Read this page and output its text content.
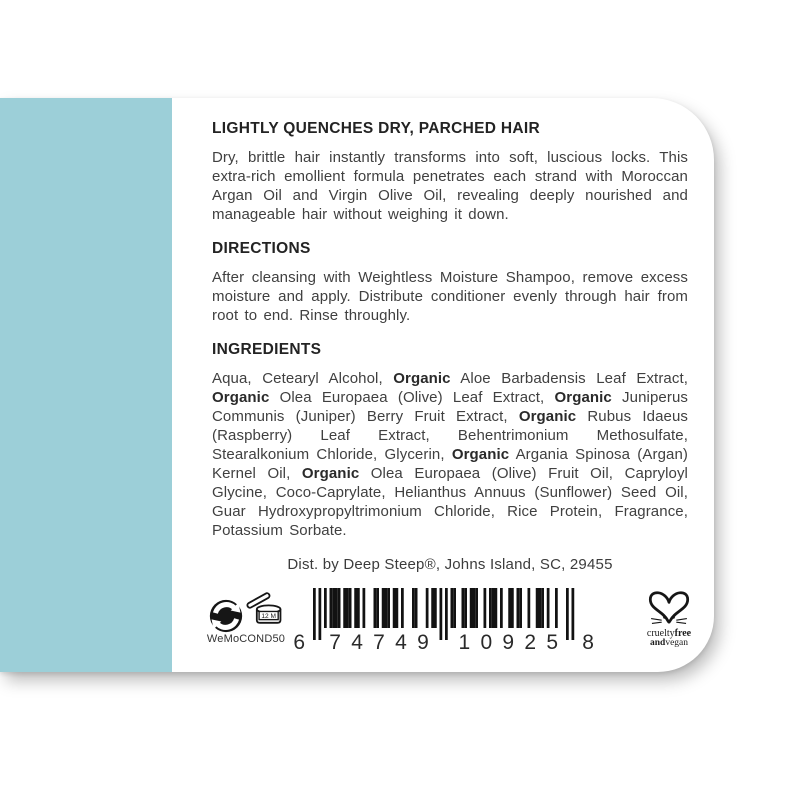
LIGHTLY QUENCHES DRY, PARCHED HAIR

Dry, brittle hair instantly transforms into soft, luscious locks. This extra-rich emollient formula penetrates each strand with Moroccan Argan Oil and Virgin Olive Oil, revealing deeply nourished and manageable hair without weighing it down.

DIRECTIONS

After cleansing with Weightless Moisture Shampoo, remove excess moisture and apply. Distribute conditioner evenly through hair from root to end. Rinse throughly.

INGREDIENTS

Aqua, Cetearyl Alcohol, Organic Aloe Barbadensis Leaf Extract, Organic Olea Europaea (Olive) Leaf Extract, Organic Juniperus Communis (Juniper) Berry Fruit Extract, Organic Rubus Idaeus (Raspberry) Leaf Extract, Behentrimonium Methosulfate, Stearalkonium Chloride, Glycerin, Organic Argania Spinosa (Argan) Kernel Oil, Organic Olea Europaea (Olive) Fruit Oil, Capryloyl Glycine, Coco-Caprylate, Helianthus Annuus (Sunflower) Seed Oil, Guar Hydroxypropyltrimonium Chloride, Rice Protein, Fragrance, Potassium Sorbate.

Dist. by Deep Steep®, Johns Island, SC, 29455
12 M
WeMoCOND50 6 74749 10925 8	crueltyfree
andvegan
